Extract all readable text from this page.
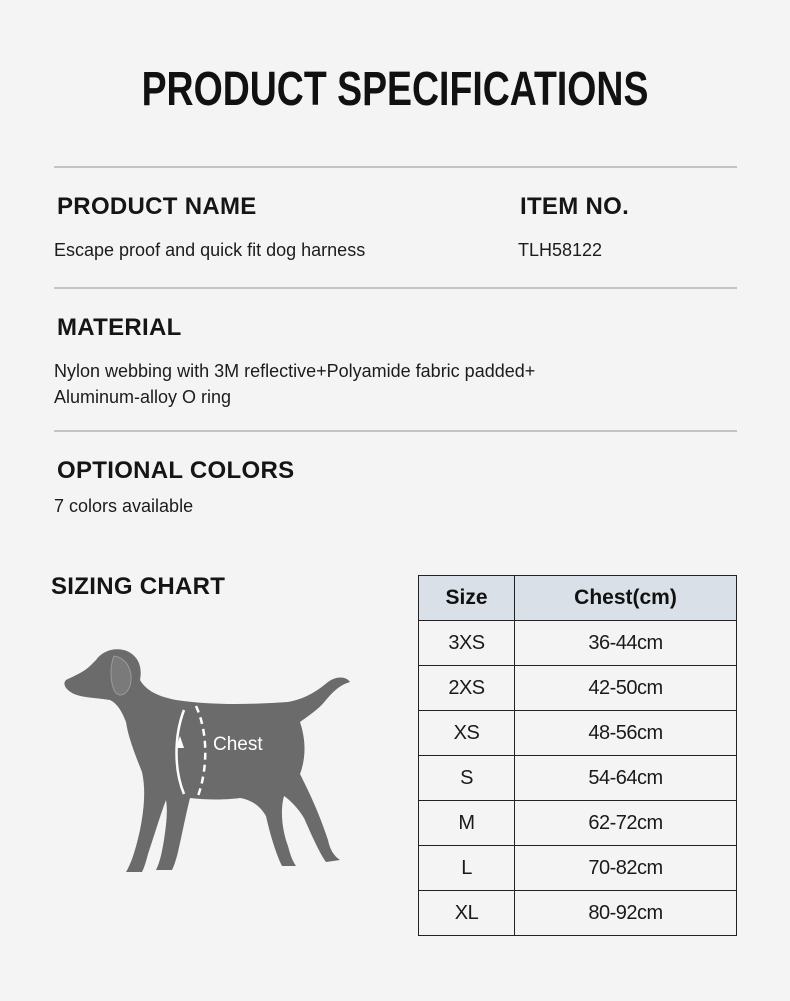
PRODUCT SPECIFICATIONS
PRODUCT NAME	ITEM NO.
Escape proof and quick fit dog harness	TLH58122
MATERIAL
Nylon webbing with 3M reflective+Polyamide fabric padded+
Aluminum-alloy O ring
OPTIONAL COLORS
7 colors available
SIZING CHART
Chest
Size	Chest(cm)
3XS	36-44cm
2XS	42-50cm
XS	48-56cm
S	54-64cm
M	62-72cm
L	70-82cm
XL	80-92cm
